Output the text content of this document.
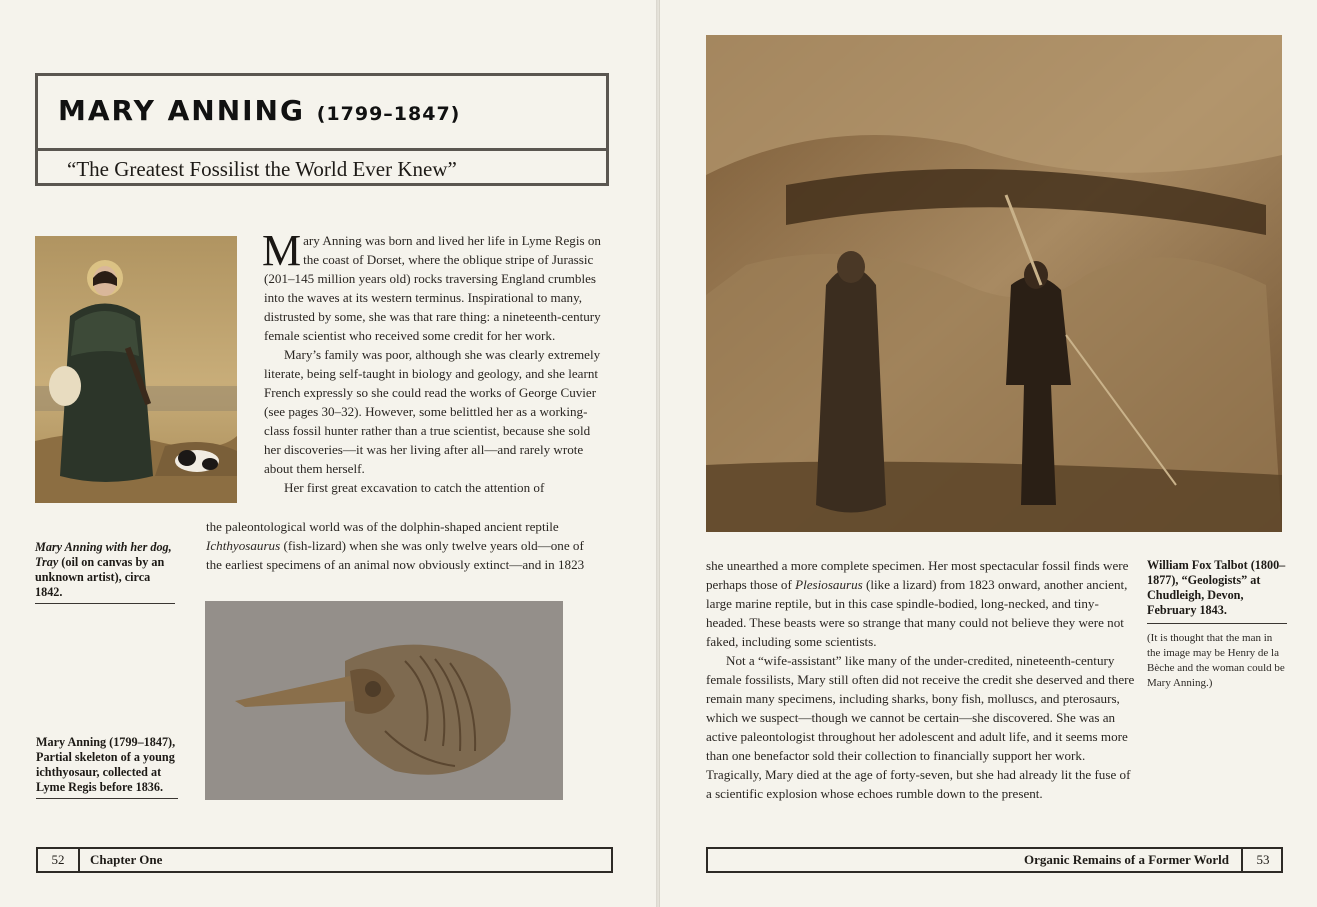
MARY ANNING (1799–1847)
“The Greatest Fossilist the World Ever Knew”
Mary Anning with her dog, Tray (oil on canvas by an unknown artist), circa 1842.

Mary Anning was born and lived her life in Lyme Regis on the coast of Dorset, where the oblique stripe of Jurassic (201–145 million years old) rocks traversing England crumbles into the waves at its western terminus. Inspirational to many, distrusted by some, she was that rare thing: a nineteenth-century female scientist who received some credit for her work.

Mary’s family was poor, although she was clearly extremely literate, being self-taught in biology and geology, and she learnt French expressly so she could read the works of George Cuvier (see pages 30–32). However, some belittled her as a working-class fossil hunter rather than a true scientist, because she sold her discoveries—it was her living after all—and rarely wrote about them herself.

Her first great excavation to catch the attention of

the paleontological world was of the dolphin-shaped ancient reptile

Ichthyosaurus (fish-lizard) when she was only twelve years old—one of

the earliest specimens of an animal now obviously extinct—and in 1823

Mary Anning (1799–1847), Partial skeleton of a young ichthyosaur, collected at Lyme Regis before 1836.
52	Chapter One

she unearthed a more complete specimen. Her most spectacular fossil finds were perhaps those of Plesiosaurus (like a lizard) from 1823 onward, another ancient, large marine reptile, but in this case spindle-bodied, long-necked, and tiny-headed. These beasts were so strange that many could not believe they were not faked, including some scientists.

Not a “wife-assistant” like many of the under-credited, nineteenth-century female fossilists, Mary still often did not receive the credit she deserved and there remain many specimens, including sharks, bony fish, molluscs, and pterosaurs, which we suspect—though we cannot be certain—she discovered. She was an active paleontologist throughout her adolescent and adult life, and it seems more than one benefactor sold their collection to financially support her work. Tragically, Mary died at the age of forty-seven, but she had already lit the fuse of a scientific explosion whose echoes rumble down to the present.

William Fox Talbot (1800–1877), “Geologists” at Chudleigh, Devon, February 1843.
(It is thought that the man in the image may be Henry de la Bèche and the woman could be Mary Anning.)
Organic Remains of a Former World	53
